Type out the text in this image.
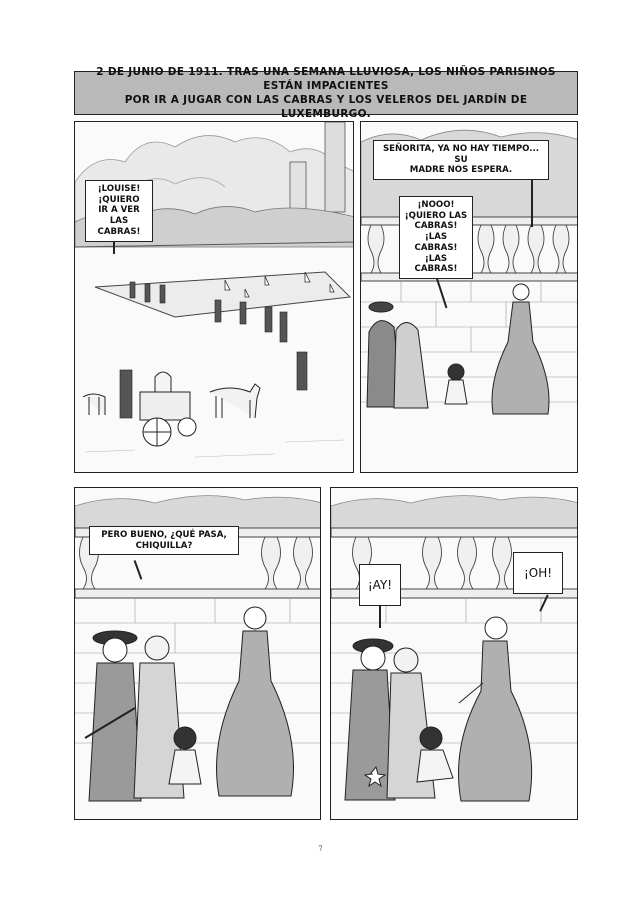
2 DE JUNIO DE 1911. TRAS UNA SEMANA LLUVIOSA, LOS NIÑOS PARISINOS ESTÁN IMPACIENTES
POR IR A JUGAR CON LAS CABRAS Y LOS VELEROS DEL JARDÍN DE LUXEMBURGO.
¡LOUISE! ¡QUIERO
IR A VER LAS
CABRAS!
SEÑORITA, YA NO HAY TIEMPO... SU
MADRE NOS ESPERA.
¡NOOO!
¡QUIERO LAS
CABRAS!
¡LAS CABRAS!
¡LAS CABRAS!
PERO BUENO, ¿QUÉ PASA,
CHIQUILLA?
¡AY!
¡OH!
7
